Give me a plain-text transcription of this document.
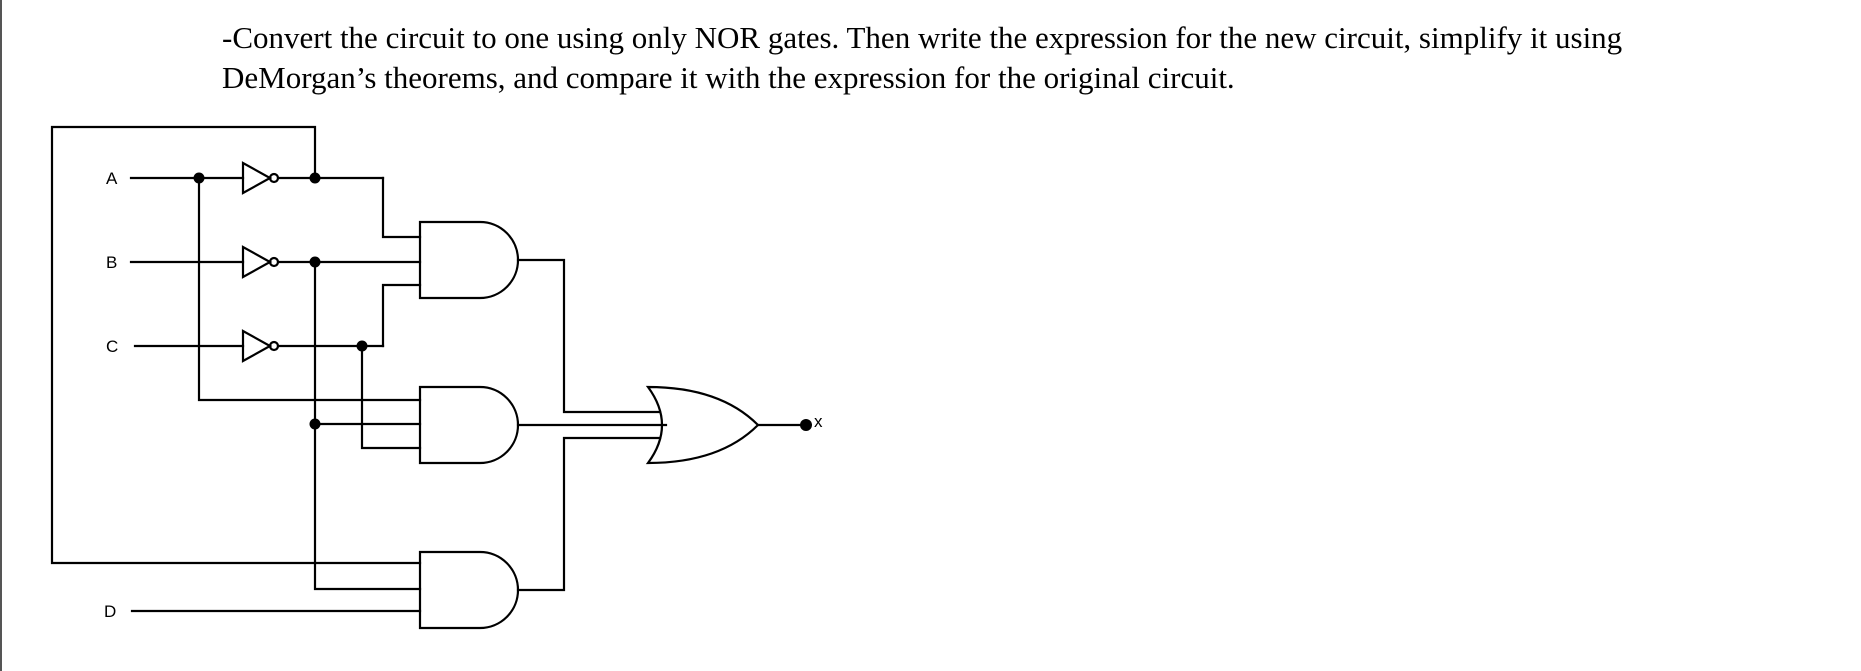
-Convert the circuit to one using only NOR gates. Then write the expression for the new circuit, simplify it using
DeMorgan’s theorems, and compare it with the expression for the original circuit.
A
B
C
D
x
